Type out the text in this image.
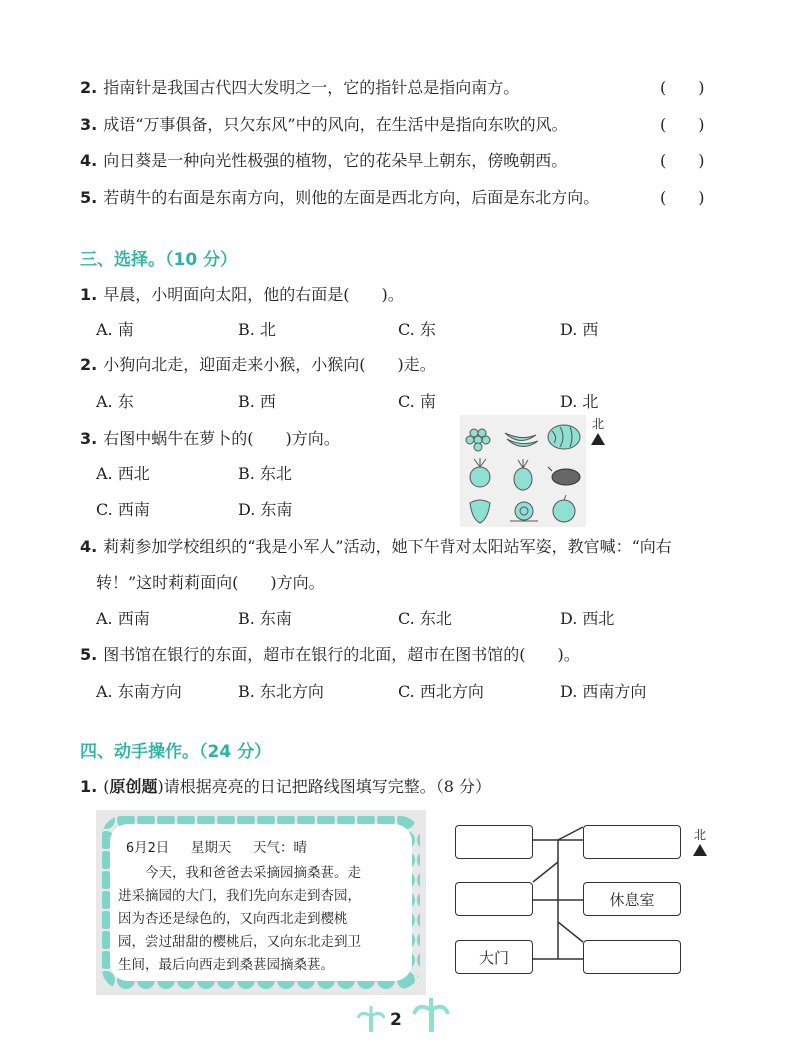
2. 指南针是我国古代四大发明之一，它的指针总是指向南方。	(　　)
3. 成语“万事俱备，只欠东风”中的风向，在生活中是指向东吹的风。	(　　)
4. 向日葵是一种向光性极强的植物，它的花朵早上朝东，傍晚朝西。	(　　)
5. 若萌牛的右面是东南方向，则他的左面是西北方向，后面是东北方向。	(　　)
三、选择。（10 分）
1. 早晨，小明面向太阳，他的右面是(　　)。
A. 南	B. 北	C. 东	D. 西
2. 小狗向北走，迎面走来小猴，小猴向(　　)走。
A. 东	B. 西	C. 南	D. 北
3. 右图中蜗牛在萝卜的(　　)方向。
A. 西北	B. 东北
C. 西南	D. 东南
北
4. 莉莉参加学校组织的“我是小军人”活动，她下午背对太阳站军姿，教官喊：“向右
转！”这时莉莉面向(　　)方向。
A. 西南	B. 东南	C. 东北	D. 西北
5. 图书馆在银行的东面，超市在银行的北面，超市在图书馆的(　　)。
A. 东南方向	B. 东北方向	C. 西北方向	D. 西南方向
四、动手操作。（24 分）
1. (原创题)请根据亮亮的日记把路线图填写完整。（8 分）
6月2日　 星期天　 天气：晴
　　今天，我和爸爸去采摘园摘桑葚。走
进采摘园的大门，我们先向东走到杏园，
因为杏还是绿色的，又向西北走到樱桃
园，尝过甜甜的樱桃后，又向东北走到卫
生间，最后向西走到桑葚园摘桑葚。
休息室
大门
北
2
